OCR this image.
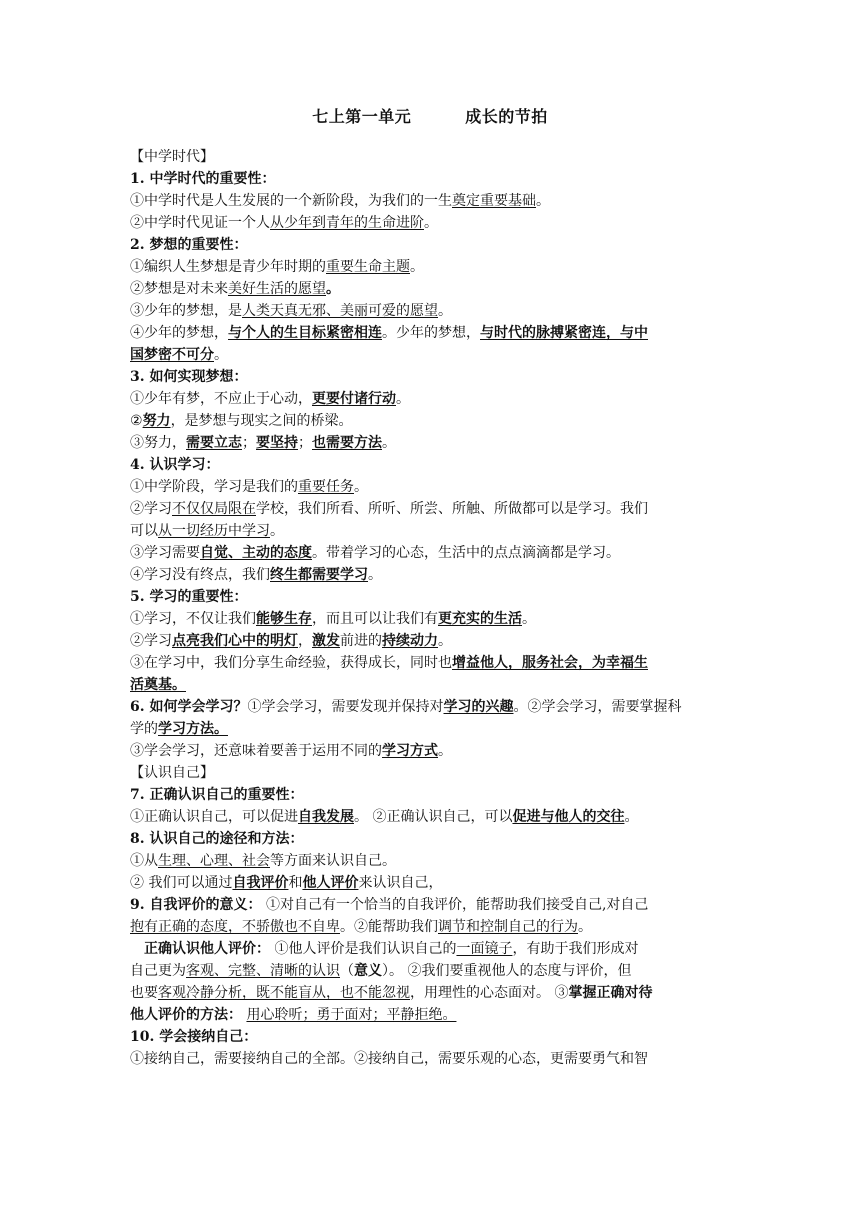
七上第一单元	成长的节拍
【中学时代】
1. 中学时代的重要性：
①中学时代是人生发展的一个新阶段，为我们的一生奠定重要基础。
②中学时代见证一个人从少年到青年的生命进阶。
2. 梦想的重要性：
①编织人生梦想是青少年时期的重要生命主题。
②梦想是对未来美好生活的愿望。
③少年的梦想，是人类天真无邪、美丽可爱的愿望。
④少年的梦想，与个人的生目标紧密相连。少年的梦想，与时代的脉搏紧密连，与中
国梦密不可分。
3. 如何实现梦想：
①少年有梦，不应止于心动，更要付诸行动。
②努力，是梦想与现实之间的桥梁。
③努力，需要立志；要坚持；也需要方法。
4. 认识学习：
①中学阶段，学习是我们的重要任务。
②学习不仅仅局限在学校，我们所看、所听、所尝、所触、所做都可以是学习。我们
可以从一切经历中学习。
③学习需要自觉、主动的态度。带着学习的心态，生活中的点点滴滴都是学习。
④学习没有终点，我们终生都需要学习。
5. 学习的重要性：
①学习，不仅让我们能够生存，而且可以让我们有更充实的生活。
②学习点亮我们心中的明灯，激发前进的持续动力。
③在学习中，我们分享生命经验，获得成长，同时也增益他人，服务社会，为幸福生
活奠基。
6. 如何学会学习？①学会学习，需要发现并保持对学习的兴趣。②学会学习，需要掌握科
学的学习方法。
③学会学习，还意味着要善于运用不同的学习方式。
【认识自己】
7. 正确认识自己的重要性：
①正确认识自己，可以促进自我发展。 ②正确认识自己，可以促进与他人的交往。
8. 认识自己的途径和方法：
①从生理、心理、社会等方面来认识自己。
② 我们可以通过自我评价和他人评价来认识自己，
9. 自我评价的意义： ①对自己有一个恰当的自我评价，能帮助我们接受自己,对自己
抱有正确的态度，不骄傲也不自卑。②能帮助我们调节和控制自己的行为。
　正确认识他人评价： ①他人评价是我们认识自己的一面镜子，有助于我们形成对
自己更为客观、完整、清晰的认识（意义）。 ②我们要重视他人的态度与评价，但
也要客观冷静分析，既不能盲从，也不能忽视，用理性的心态面对。 ③掌握正确对待
他人评价的方法： 用心聆听；勇于面对；平静拒绝。
10. 学会接纳自己：
①接纳自己，需要接纳自己的全部。②接纳自己，需要乐观的心态，更需要勇气和智
